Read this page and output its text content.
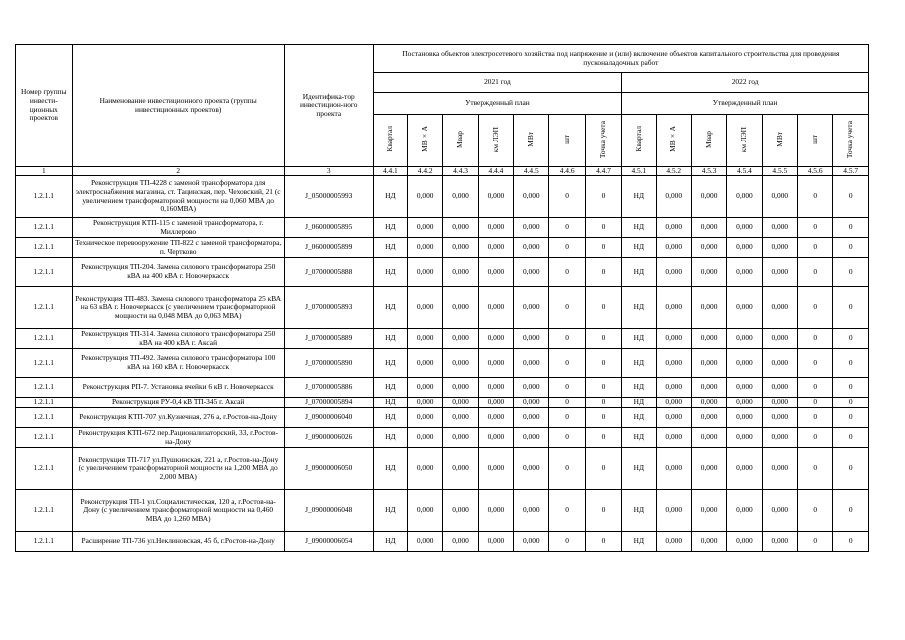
Номер группы инвести-ционных проектов	Наименование инвестиционного проекта (группы инвестиционных проектов)	Идентифика-тор инвестицион-ного проекта	Постановка объектов электросетевого хозяйства под напряжение и (или) включение объектов капитального строительства для проведения пусконаладочных работ													
			2021 год							2022 год						
			Утвержденный план							Утвержденный план						
			Квартал	МВ×А	Мвар	км ЛЭП	МВт	шт	Точка учета	Квартал	МВ×А	Мвар	км ЛЭП	МВт	шт	Точка учета
1	2	3	4.4.1	4.4.2	4.4.3	4.4.4	4.4.5	4.4.6	4.4.7	4.5.1	4.5.2	4.5.3	4.5.4	4.5.5	4.5.6	4.5.7
1.2.1.1	Реконструкция ТП-4228 с заменой трансформатора для электроснабжения магазина, ст. Тацинская, пер. Чеховский, 21 (с увеличением трансформаторной мощности на 0,060 МВА до 0,160МВА)	J_05000005993	НД	0,000	0,000	0,000	0,000	0	0	НД	0,000	0,000	0,000	0,000	0	0
1.2.1.1	Реконструкция КТП-115 с заменой трансформатора, г. Миллерово	J_06000005895	НД	0,000	0,000	0,000	0,000	0	0	НД	0,000	0,000	0,000	0,000	0	0
1.2.1.1	Техническое перевооружение ТП-822 с заменой трансформатора, п. Чертково	J_06000005899	НД	0,000	0,000	0,000	0,000	0	0	НД	0,000	0,000	0,000	0,000	0	0
1.2.1.1	Реконструкция ТП-204. Замена силового трансформатора 250 кВА на 400 кВА г. Новочеркасск	J_07000005888	НД	0,000	0,000	0,000	0,000	0	0	НД	0,000	0,000	0,000	0,000	0	0
1.2.1.1	Реконструкция ТП-483. Замена силового трансформатора 25 кВА на 63 кВА г. Новочеркасск (с увеличением трансформаторной мощности на 0,048 МВА до 0,063 МВА)	J_07000005893	НД	0,000	0,000	0,000	0,000	0	0	НД	0,000	0,000	0,000	0,000	0	0
1.2.1.1	Реконструкция ТП-314. Замена силового трансформатора 250 кВА на 400 кВА г. Аксай	J_07000005889	НД	0,000	0,000	0,000	0,000	0	0	НД	0,000	0,000	0,000	0,000	0	0
1.2.1.1	Реконструкция ТП-492. Замена силового трансформатора 100 кВА на 160 кВА г. Новочеркасск	J_07000005890	НД	0,000	0,000	0,000	0,000	0	0	НД	0,000	0,000	0,000	0,000	0	0
1.2.1.1	Реконструкция РП-7. Установка ячейки 6 кВ г. Новочеркасск	J_07000005886	НД	0,000	0,000	0,000	0,000	0	0	НД	0,000	0,000	0,000	0,000	0	0
1.2.1.1	Реконструкция РУ-0,4 кВ ТП-345 г. Аксай	J_07000005894	НД	0,000	0,000	0,000	0,000	0	0	НД	0,000	0,000	0,000	0,000	0	0
1.2.1.1	Реконструкция КТП-707 ул.Кузнечная, 276 а, г.Ростов-на-Дону	J_09000006040	НД	0,000	0,000	0,000	0,000	0	0	НД	0,000	0,000	0,000	0,000	0	0
1.2.1.1	Реконструкция КТП-672 пер.Рационализаторский, 33, г.Ростов-на-Дону	J_09000006026	НД	0,000	0,000	0,000	0,000	0	0	НД	0,000	0,000	0,000	0,000	0	0
1.2.1.1	Реконструкция ТП-717 ул.Пушкинская, 221 а, г.Ростов-на-Дону (с увеличением трансформаторной мощности на 1,200 МВА до 2,000 МВА)	J_09000006050	НД	0,000	0,000	0,000	0,000	0	0	НД	0,000	0,000	0,000	0,000	0	0
1.2.1.1	Реконструкция ТП-1 ул.Социалистическая, 120 а, г.Ростов-на-Дону (с увеличением трансформаторной мощности на 0,460 МВА до 1,260 МВА)	J_09000006048	НД	0,000	0,000	0,000	0,000	0	0	НД	0,000	0,000	0,000	0,000	0	0
1.2.1.1	Расширение ТП-736 ул.Неклиновская, 45 б, г.Ростов-на-Дону	J_09000006054	НД	0,000	0,000	0,000	0,000	0	0	НД	0,000	0,000	0,000	0,000	0	0
